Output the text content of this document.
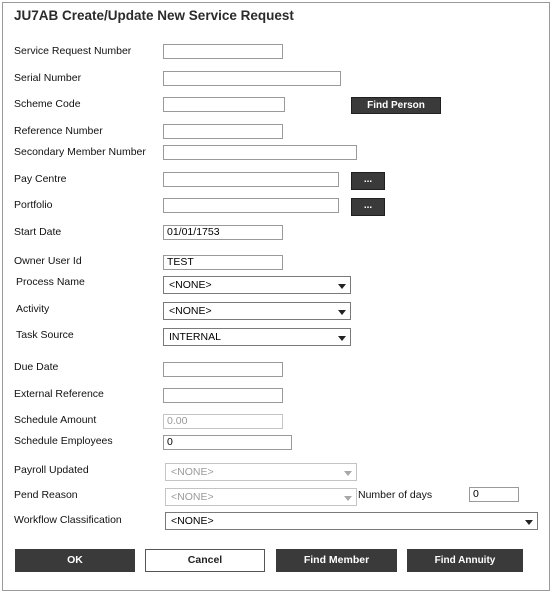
JU7AB Create/Update New Service Request
Service Request Number
Serial Number
Scheme Code	Find Person
Reference Number
Secondary Member Number
Pay Centre	...
Portfolio	...
Start Date	01/01/1753
Owner User Id	TEST
Process Name	<NONE>
Activity	<NONE>
Task Source	INTERNAL
Due Date
External Reference
Schedule Amount	0.00
Schedule Employees	0
Payroll Updated	<NONE>
Pend Reason	<NONE>	Number of days	0
Workflow Classification	<NONE>
OK	Cancel	Find Member	Find Annuity Beneficiary
